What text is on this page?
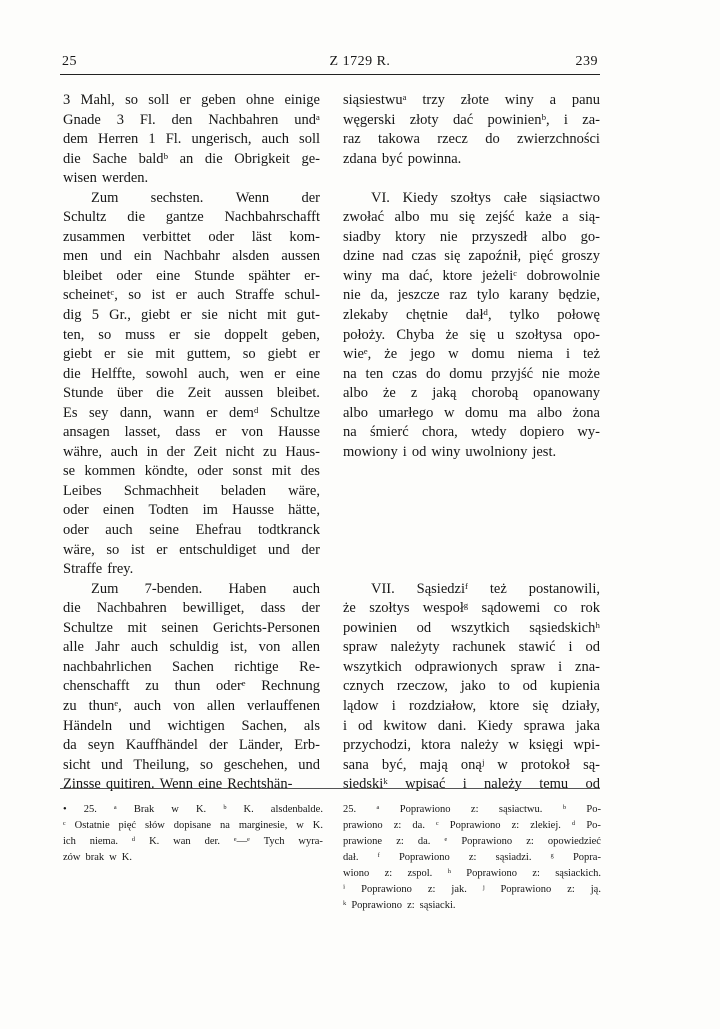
25	Z 1729 R.	239
3 Mahl, so soll er geben ohne einige
Gnade 3 Fl. den Nachbahren undᵃ
dem Herren 1 Fl. ungerisch, auch soll
die Sache baldᵇ an die Obrigkeit ge-
wisen werden.
Zum sechsten. Wenn der
Schultz die gantze Nachbahrschafft
zusammen verbittet oder läst kom-
men und ein Nachbahr alsden aussen
bleibet oder eine Stunde spähter er-
scheinetᶜ, so ist er auch Straffe schul-
dig 5 Gr., giebt er sie nicht mit gut-
ten, so muss er sie doppelt geben,
giebt er sie mit guttem, so giebt er
die Helffte, sowohl auch, wen er eine
Stunde über die Zeit aussen bleibet.
Es sey dann, wann er demᵈ Schultze
ansagen lasset, dass er von Hausse
währe, auch in der Zeit nicht zu Haus-
se kommen köndte, oder sonst mit des
Leibes Schmachheit beladen wäre,
oder einen Todten im Hausse hätte,
oder auch seine Ehefrau todtkranck
wäre, so ist er entschuldiget und der
Straffe frey.
Zum 7-benden. Haben auch
die Nachbahren bewilliget, dass der
Schultze mit seinen Gerichts-Personen
alle Jahr auch schuldig ist, von allen
nachbahrlichen Sachen richtige Re-
chenschafft zu thun oderᵉ Rechnung
zu thunᵉ, auch von allen verlauffenen
Händeln und wichtigen Sachen, als
da seyn Kauffhändel der Länder, Erb-
sicht und Theilung, so geschehen, und
Zinsse quitiren. Wenn eine Rechtshän-
siąsiestwuᵃ trzy złote winy a panu
węgerski złoty dać powinienᵇ, i za-
raz takowa rzecz do zwierzchności
zdana być powinna.
VI. Kiedy szołtys całe siąsiactwo
zwołać albo mu się zejść każe a sią-
siadby ktory nie przyszedł albo go-
dzine nad czas się zapoźnił, pięć groszy
winy ma dać, ktore jeżeliᶜ dobrowolnie
nie da, jeszcze raz tylo karany będzie,
zlekaby chętnie dałᵈ, tylko połowę
położy. Chyba że się u szołtysa opo-
wieᵉ, że jego w domu niema i też
na ten czas do domu przyjść nie może
albo że z jaką chorobą opanowany
albo umarłego w domu ma albo żona
na śmierć chora, wtedy dopiero wy-
mowiony i od winy uwolniony jest.
VII. Sąsiedziᶠ też postanowili,
że szołtys wespołᵍ sądowemi co rok
powinien od wszytkich sąsiedskichʰ
spraw należyty rachunek stawić i od
wszytkich odprawionych spraw i zna-
cznych rzeczow, jako to od kupienia
lądow i rozdziałow, ktore się działy,
i od kwitow dani. Kiedy sprawa jaka
przychodzi, ktora należy w księgi wpi-
sana być, mają onąʲ w protokoł są-
siedskiᵏ wpisać i należy temu od
• 25. ᵃ Brak w K. ᵇ K. alsdenbalde.
ᶜ Ostatnie pięć słów dopisane na marginesie, w K.
ich niema. ᵈ K. wan der. ᵉ—ᵉ Tych wyra-
zów brak w K.
25. ᵃ Poprawiono z: sąsiactwu. ᵇ Po-
prawiono z: da. ᶜ Poprawiono z: zlekiej. ᵈ Po-
prawione z: da. ᵉ Poprawiono z: opowiedzieć
dał. ᶠ Poprawiono z: sąsiadzi. ᵍ Popra-
wiono z: zspol. ʰ Poprawiono z: sąsiackich.
ⁱ Poprawiono z: jak. ʲ Poprawiono z: ją.
ᵏ Poprawiono z: sąsiacki.
